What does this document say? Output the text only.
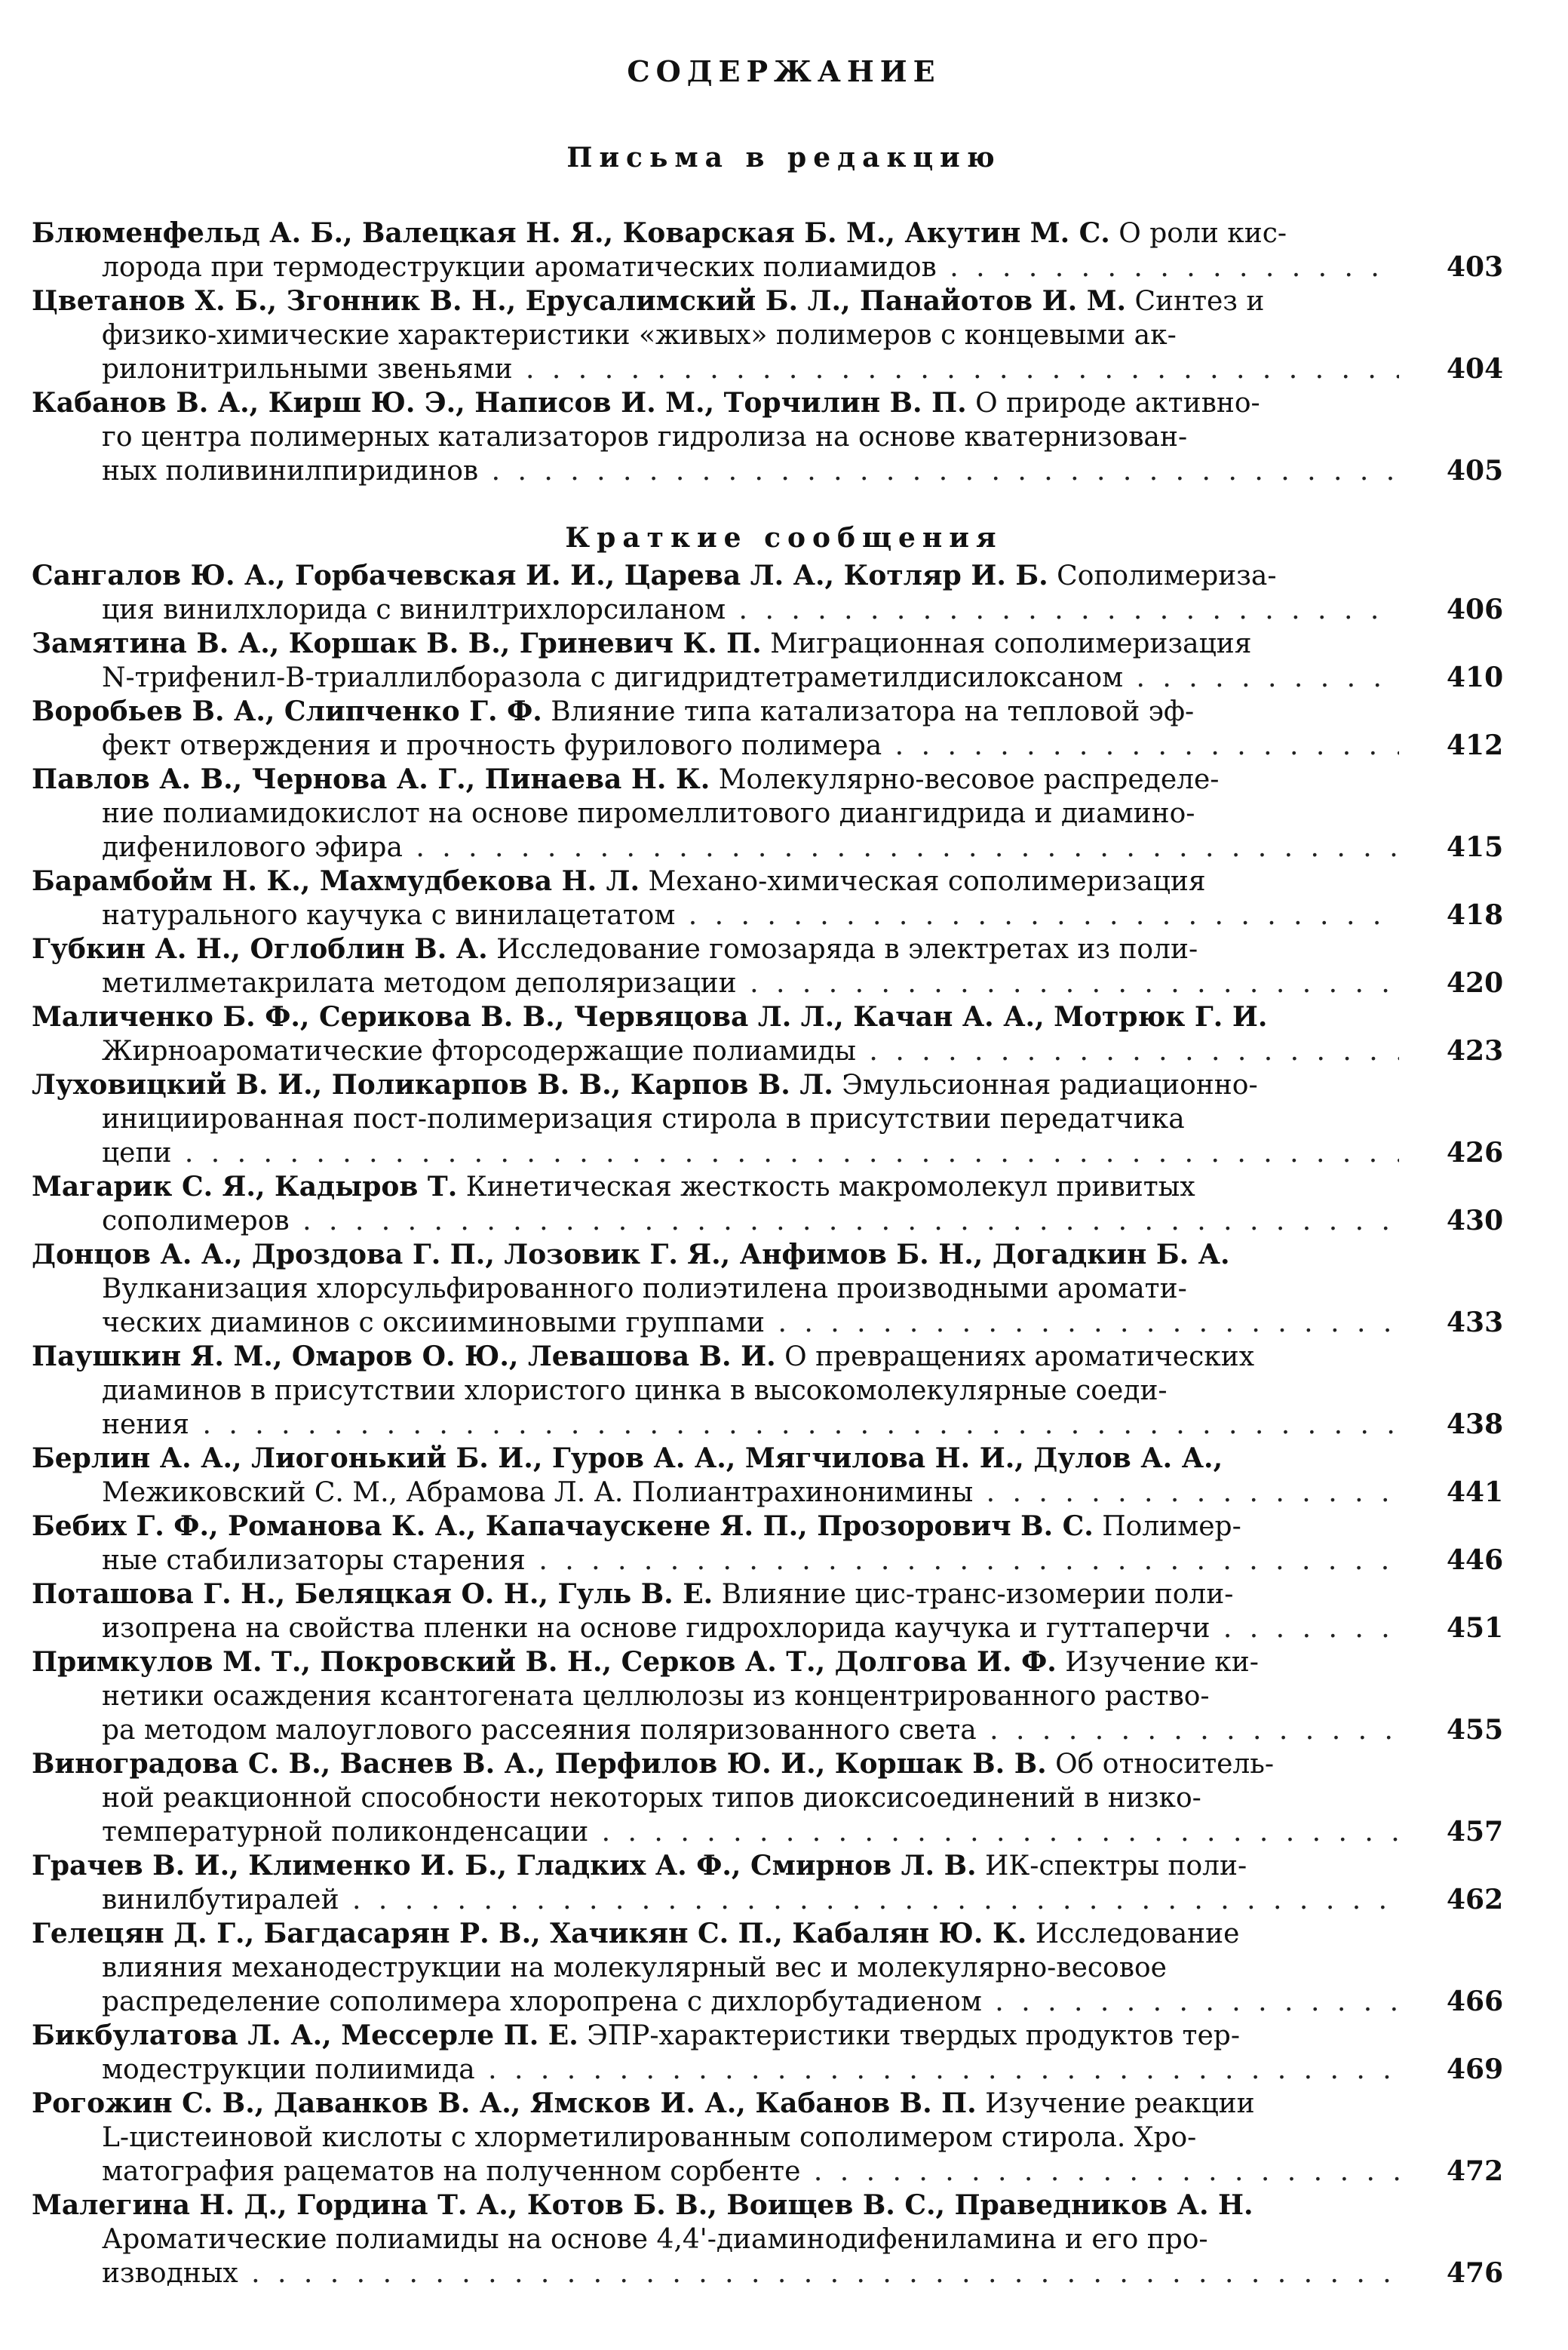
СОДЕРЖАНИЕ
Письма в редакцию
Блюменфельд А. Б., Валецкая Н. Я., Коварская Б. М., Акутин М. С. О роли кис-
лорода при термодеструкции ароматических полиамидов . . .	403
Цветанов Х. Б., Згонник В. Н., Ерусалимский Б. Л., Панайотов И. М. Синтез и
физико-химические характеристики «живых» полимеров с концевыми ак-
рилонитрильными звеньями . . .	404
Кабанов В. А., Кирш Ю. Э., Написов И. М., Торчилин В. П. О природе активно-
го центра полимерных катализаторов гидролиза на основе кватернизован-
ных поливинилпиридинов . . .	405
Краткие сообщения
Сангалов Ю. А., Горбачевская И. И., Царева Л. А., Котляр И. Б. Сополимериза-
ция винилхлорида с винилтрихлорсиланом . . .	406
Замятина В. А., Коршак В. В., Гриневич К. П. Миграционная сополимеризация
N-трифенил-В-триаллилборазола с дигидридтетраметилдисилоксаном . . .	410
Воробьев В. А., Слипченко Г. Ф. Влияние типа катализатора на тепловой эф-
фект отверждения и прочность фурилового полимера . . .	412
Павлов А. В., Чернова А. Г., Пинаева Н. К. Молекулярно-весовое распределе-
ние полиамидокислот на основе пиромеллитового диангидрида и диамино-
дифенилового эфира . . .	415
Барамбойм Н. К., Махмудбекова Н. Л. Механо-химическая сополимеризация
натурального каучука с винилацетатом . . .	418
Губкин А. Н., Оглоблин В. А. Исследование гомозаряда в электретах из поли-
метилметакрилата методом деполяризации . . .	420
Маличенко Б. Ф., Серикова В. В., Червяцова Л. Л., Качан А. А., Мотрюк Г. И.
Жирноароматические фторсодержащие полиамиды . . .	423
Луховицкий В. И., Поликарпов В. В., Карпов В. Л. Эмульсионная радиационно-
инициированная пост-полимеризация стирола в присутствии передатчика
цепи . . .	426
Магарик С. Я., Кадыров Т. Кинетическая жесткость макромолекул привитых
сополимеров . . .	430
Донцов А. А., Дроздова Г. П., Лозовик Г. Я., Анфимов Б. Н., Догадкин Б. А.
Вулканизация хлорсульфированного полиэтилена производными аромати-
ческих диаминов с оксииминовыми группами . . .	433
Паушкин Я. М., Омаров О. Ю., Левашова В. И. О превращениях ароматических
диаминов в присутствии хлористого цинка в высокомолекулярные соеди-
нения . . .	438
Берлин А. А., Лиогонький Б. И., Гуров А. А., Мягчилова Н. И., Дулов А. А.,
Межиковский С. М., Абрамова Л. А. Полиантрахинонимины . . .	441
Бебих Г. Ф., Романова К. А., Капачаускене Я. П., Прозорович В. С. Полимер-
ные стабилизаторы старения . . .	446
Поташова Г. Н., Беляцкая О. Н., Гуль В. Е. Влияние цис-транс-изомерии поли-
изопрена на свойства пленки на основе гидрохлорида каучука и гуттаперчи . . .	451
Примкулов М. Т., Покровский В. Н., Серков А. Т., Долгова И. Ф. Изучение ки-
нетики осаждения ксантогената целлюлозы из концентрированного раство-
ра методом малоуглового рассеяния поляризованного света . . .	455
Виноградова С. В., Васнев В. А., Перфилов Ю. И., Коршак В. В. Об относитель-
ной реакционной способности некоторых типов диоксисоединений в низко-
температурной поликонденсации . . .	457
Грачев В. И., Клименко И. Б., Гладких А. Ф., Смирнов Л. В. ИК-спектры поли-
винилбутиралей . . .	462
Гелецян Д. Г., Багдасарян Р. В., Хачикян С. П., Кабалян Ю. К. Исследование
влияния механодеструкции на молекулярный вес и молекулярно-весовое
распределение сополимера хлоропрена с дихлорбутадиеном . . .	466
Бикбулатова Л. А., Мессерле П. Е. ЭПР-характеристики твердых продуктов тер-
модеструкции полиимида . . .	469
Рогожин С. В., Даванков В. А., Ямсков И. А., Кабанов В. П. Изучение реакции
L-цистеиновой кислоты с хлорметилированным сополимером стирола. Хро-
матография рацематов на полученном сорбенте . . .	472
Малегина Н. Д., Гордина Т. А., Котов Б. В., Воищев В. С., Праведников А. Н.
Ароматические полиамиды на основе 4,4'-диаминодифениламина и его про-
изводных . . .	476
